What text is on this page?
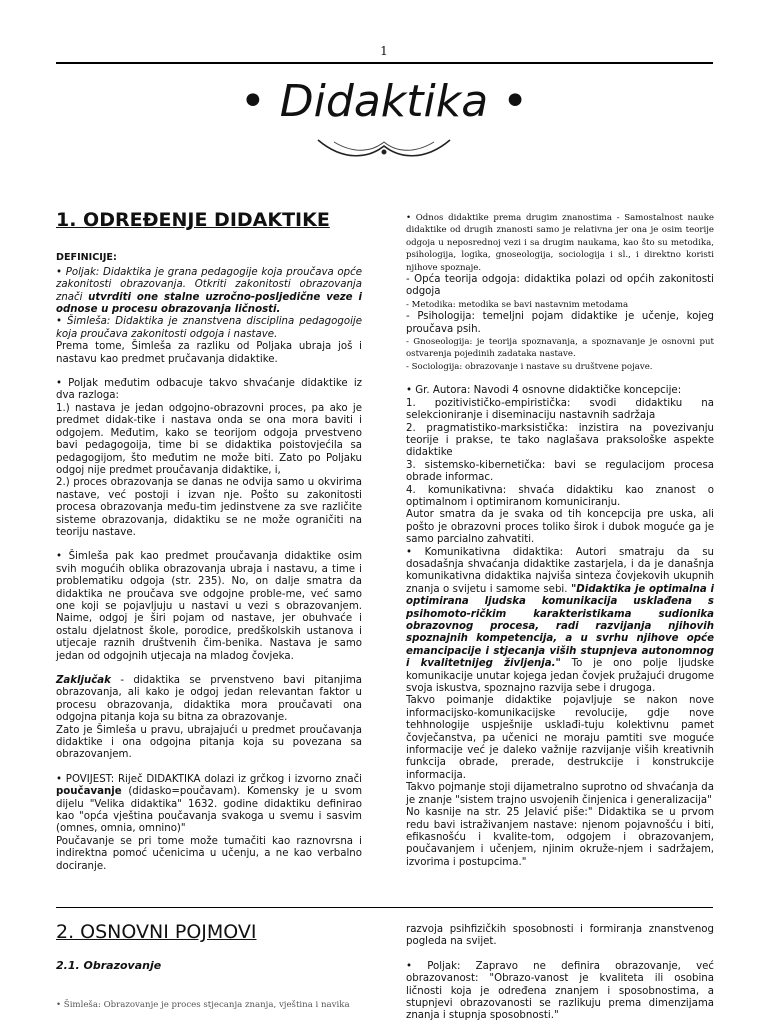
1
• Didaktika •
1. ODREĐENJE DIDAKTIKE
DEFINICIJE:

• Poljak: Didaktika je grana pedagogije koja proučava opće zakonitosti obrazovanja. Otkriti zakonitosti obrazovanja znači utvrditi one stalne uzročno-posljedične veze i odnose u procesu obrazovanja ličnosti.

• Šimleša: Didaktika je znanstvena disciplina pedagogoije koja proučava zakonitosti odgoja i nastave.

Prema tome, Šimleša za razliku od Poljaka ubraja još i nastavu kao predmet pručavanja didaktike.

• Poljak međutim odbacuje takvo shvaćanje didaktike iz dva razloga:

1.) nastava je jedan odgojno-obrazovni proces, pa ako je predmet didak-tike i nastava onda se ona mora baviti i odgojem. Međutim, kako se teorijom odgoja prvestveno bavi pedagogoija, time bi se didaktika poistovjećila sa pedagogijom, što međutim ne može biti. Zato po Poljaku odgoj nije predmet proučavanja didaktike, i,

2.) proces obrazovanja se danas ne odvija samo u okvirima nastave, već postoji i izvan nje. Pošto su zakonitosti procesa obrazovanja među-tim jedinstvene za sve različite sisteme obrazovanja, didaktiku se ne može ograničiti na teoriju nastave.

• Šimleša pak kao predmet proučavanja didaktike osim svih mogućih oblika obrazovanja ubraja i nastavu, a time i problematiku odgoja (str. 235). No, on dalje smatra da didaktika ne proučava sve odgojne proble-me, već samo one koji se pojavljuju u nastavi u vezi s obrazovanjem. Naime, odgoj je širi pojam od nastave, jer obuhvaće i ostalu djelatnost škole, porodice, predškolskih ustanova i utjecaje raznih društvenih čim-benika. Nastava je samo jedan od odgojnih utjecaja na mladog čovjeka.

Zaključak - didaktika se prvenstveno bavi pitanjima obrazovanja, ali kako je odgoj jedan relevantan faktor u procesu obrazovanja, didaktika mora proučavati ona odgojna pitanja koja su bitna za obrazovanje.

Zato je Šimleša u pravu, ubrajajući u predmet proučavanja didaktike i ona odgojna pitanja koja su povezana sa obrazovanjem.

• POVIJEST: Riječ DIDAKTIKA dolazi iz grčkog i izvorno znači poučavanje (didasko=poučavam). Komensky je u svom dijelu "Velika didaktika" 1632. godine didaktiku definirao kao "opća vještina poučavanja svakoga u svemu i sasvim (omnes, omnia, omnino)"

Poučavanje se pri tome može tumačiti kao raznovrsna i indirektna pomoć učenicima u učenju, a ne kao verbalno dociranje.

• Odnos didaktike prema drugim znanostima - Samostalnost nauke didaktike od drugih znanosti samo je relativna jer ona je osim teorije odgoja u neposrednoj vezi i sa drugim naukama, kao što su metodika, psihologija, logika, gnoseologija, sociologija i sl., i direktno koristi njihove spoznaje.

- Opća teorija odgoja: didaktika polazi od općih zakonitosti odgoja

- Metodika: metodika se bavi nastavnim metodama

- Psihologija: temeljni pojam didaktike je učenje, kojeg proučava psih.

- Gnoseologija: je teorija spoznavanja, a spoznavanje je osnovni put ostvarenja pojedinih zadataka nastave.

- Sociologija: obrazovanje i nastave su društvene pojave.

• Gr. Autora: Navodi 4 osnovne didaktičke koncepcije:

1. pozitivističko-empiristička: svodi didaktiku na selekcioniranje i diseminaciju nastavnih sadržaja

2. pragmatistiko-marksistička: inzistira na povezivanju teorije i prakse, te tako naglašava praksološke aspekte didaktike

3. sistemsko-kibernetička: bavi se regulacijom procesa obrade informac.

4. komunikativna: shvaća didaktiku kao znanost o optimalnom i optimiranom komuniciranju.

Autor smatra da je svaka od tih koncepcija pre uska, ali pošto je obrazovni proces toliko širok i dubok moguće ga je samo parcialno zahvatiti.

• Komunikativna didaktika: Autori smatraju da su dosadašnja shvaćanja didaktike zastarjela, i da je današnja komunikativna didaktika najviša sinteza čovjekovih ukupnih znanja o svijetu i samome sebi. "Didaktika je optimalna i optimirana ljudska komunikacija usklađena s psihomoto-ričkim karakteristikama sudionika obrazovnog procesa, radi razvijanja njihovih spoznajnih kompetencija, a u svrhu njihove opće emancipacije i stjecanja viših stupnjeva autonomnog i kvalitetnijeg življenja." To je ono polje ljudske komunikacije unutar kojega jedan čovjek pružajući drugome svoja iskustva, spoznajno razvija sebe i drugoga.

Takvo poimanje didaktike pojavljuje se nakon nove informacijsko-komunikacijske revolucije, gdje nove tehhnologije uspješnije usklađi-tuju kolektivnu pamet čovječanstva, pa učenici ne moraju pamtiti sve moguće informacije već je daleko važnije razvijanje viših kreativnih funkcija obrade, prerade, destrukcije i konstrukcije informacija.

Takvo pojmanje stoji dijametralno suprotno od shvaćanja da je znanje "sistem trajno usvojenih činjenica i generalizacija"

No kasnije na str. 25 Jelavić piše:" Didaktika se u prvom redu bavi istraživanjem nastave: njenom pojavnošću i biti, efikasnošću i kvalite-tom, odgojem i obrazovanjem, poučavanjem i učenjem, njinim okruže-njem i sadržajem, izvorima i postupcima."

2. OSNOVNI POJMOVI
2.1. Obrazovanje

• Šimleša: Obrazovanje je proces stjecanja znanja, vještina i navika

razvoja psihfizičkih sposobnosti i formiranja znanstvenog pogleda na svijet.

• Poljak: Zapravo ne definira obrazovanje, već obrazovanost: "Obrazo-vanost je kvaliteta ili osobina ličnosti koja je određena znanjem i sposobnostima, a stupnjevi obrazovanosti se razlikuju prema dimenzijama znanja i stupnja sposobnosti."
